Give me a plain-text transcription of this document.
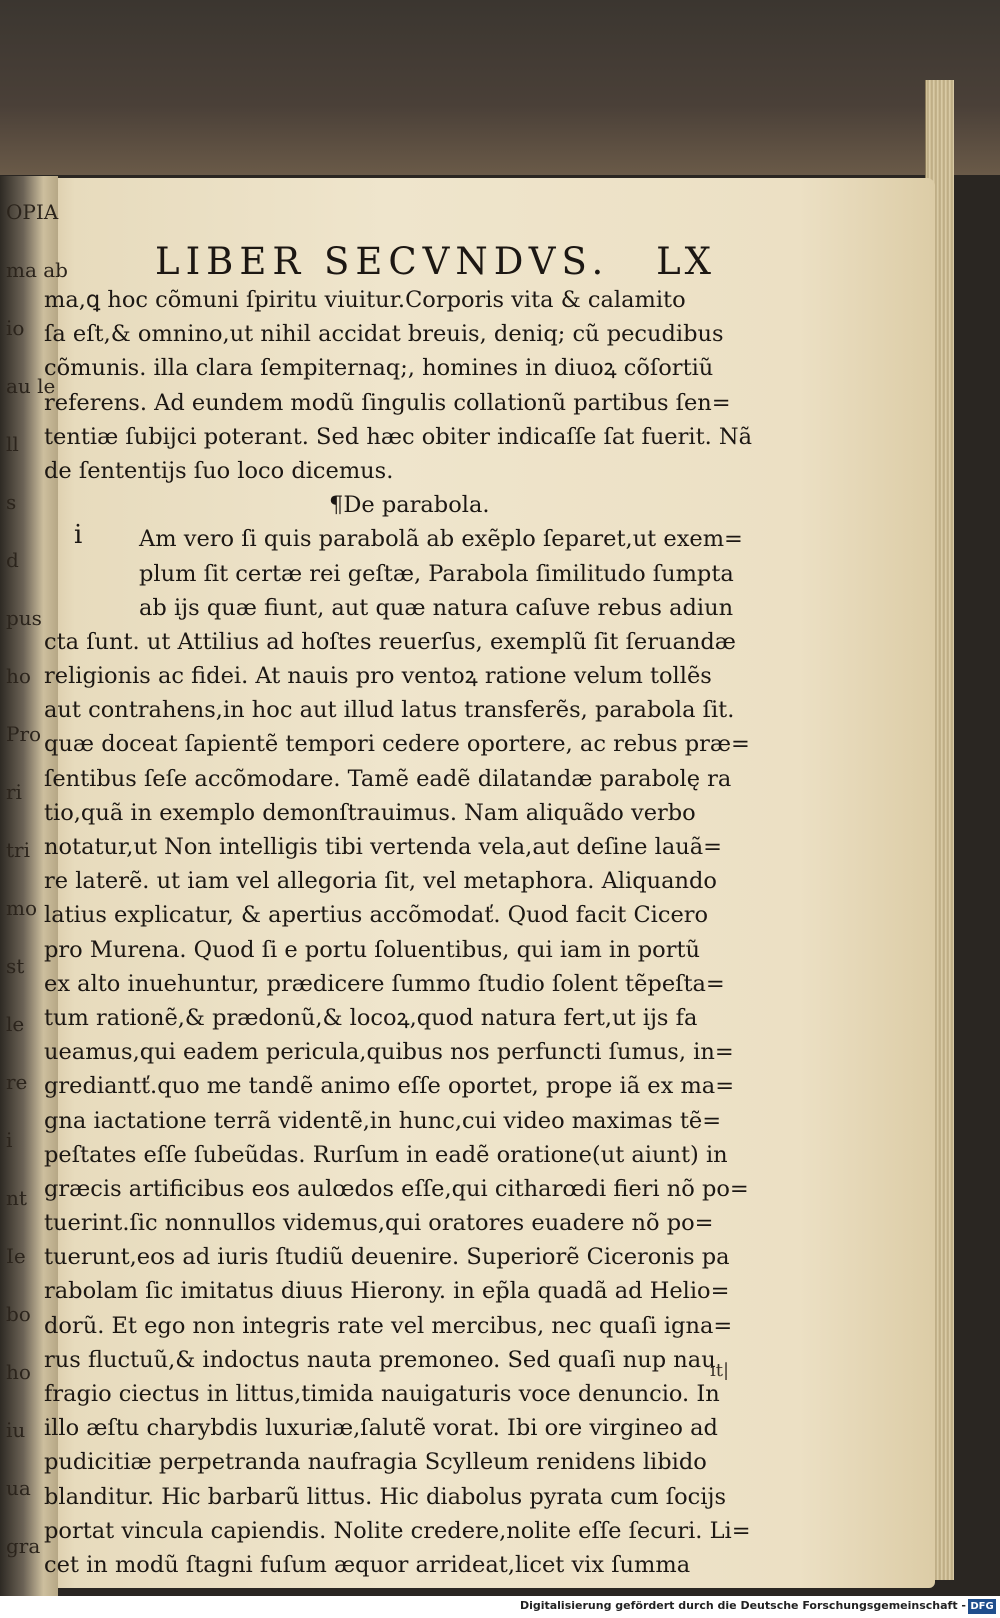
OPIA
ma ab
io
au le
ll
s
d
pus
ho
Pro
ri
tri
mo
st
le
re
i
nt
Ie
bo
ho
iu
ua
gra
LIBER SECVNDVS. LX
i
ma,ꝗ hoc cõmuni ſpiritu viuitur.Corporis vita & calamito
ſa eſt,& omnino,ut nihil accidat breuis, deniq; cũ pecudibus
cõmunis. illa clara ſempiternaq;, homines in diuoꝝ cõſortiũ
referens. Ad eundem modũ ſingulis collationũ partibus ſen=
tentiæ ſubijci poterant. Sed hæc obiter indicaſſe ſat fuerit. Nã
de ſententijs ſuo loco dicemus.
¶De parabola.
Am vero ſi quis parabolã ab exẽplo ſeparet,ut exem=
plum ſit certæ rei geſtæ, Parabola ſimilitudo ſumpta
ab ijs quæ fiunt, aut quæ natura caſuve rebus adiun
cta ſunt. ut Attilius ad hoſtes reuerſus, exemplũ ſit ſeruandæ
religionis ac fidei. At nauis pro ventoꝝ ratione velum tollẽs
aut contrahens,in hoc aut illud latus transferẽs, parabola ſit.
quæ doceat ſapientẽ tempori cedere oportere, ac rebus præ=
ſentibus ſeſe accõmodare. Tamẽ eadẽ dilatandæ parabolę ra
tio,quã in exemplo demonſtrauimus. Nam aliquãdo verbo
notatur,ut Non intelligis tibi vertenda vela,aut deſine lauã=
re laterẽ. ut iam vel allegoria ſit, vel metaphora. Aliquando
latius explicatur, & apertius accõmodať. Quod facit Cicero
pro Murena. Quod ſi e portu ſoluentibus, qui iam in portũ
ex alto inuehuntur, prædicere ſummo ſtudio ſolent tẽpeſta=
tum rationẽ,& prædonũ,& locoꝝ,quod natura fert,ut ijs fa
ueamus,qui eadem pericula,quibus nos perfuncti ſumus, in=
grediantť.quo me tandẽ animo eſſe oportet, prope iã ex ma=
gna iactatione terrã videntẽ,in hunc,cui video maximas tẽ=
peſtates eſſe ſubeũdas. Rurſum in eadẽ oratione(ut aiunt) in
græcis artificibus eos aulœdos eſſe,qui citharœdi fieri nõ po=
tuerint.ſic nonnullos videmus,qui oratores euadere nõ po=
tuerunt,eos ad iuris ſtudiũ deuenire. Superiorẽ Ciceronis pa
rabolam ſic imitatus diuus Hierony. in ep̃la quadã ad Helio=
dorũ. Et ego non integris rate vel mercibus, nec quaſi igna=
rus fluctuũ,& indoctus nauta premoneo. Sed quaſi nup nau
fragio ciectus in littus,timida nauigaturis voce denuncio. In
illo æſtu charybdis luxuriæ,ſalutẽ vorat. Ibi ore virgineo ad
pudicitiæ perpetranda naufragia Scylleum renidens libido
blanditur. Hic barbarũ littus. Hic diabolus pyrata cum ſocijs
portat vincula capiendis. Nolite credere,nolite eſſe ſecuri. Li=
cet in modũ ſtagni fuſum æquor arrideat,licet vix ſumma
ıt|
Digitalisierung gefördert durch die Deutsche Forschungsgemeinschaft - DFG
